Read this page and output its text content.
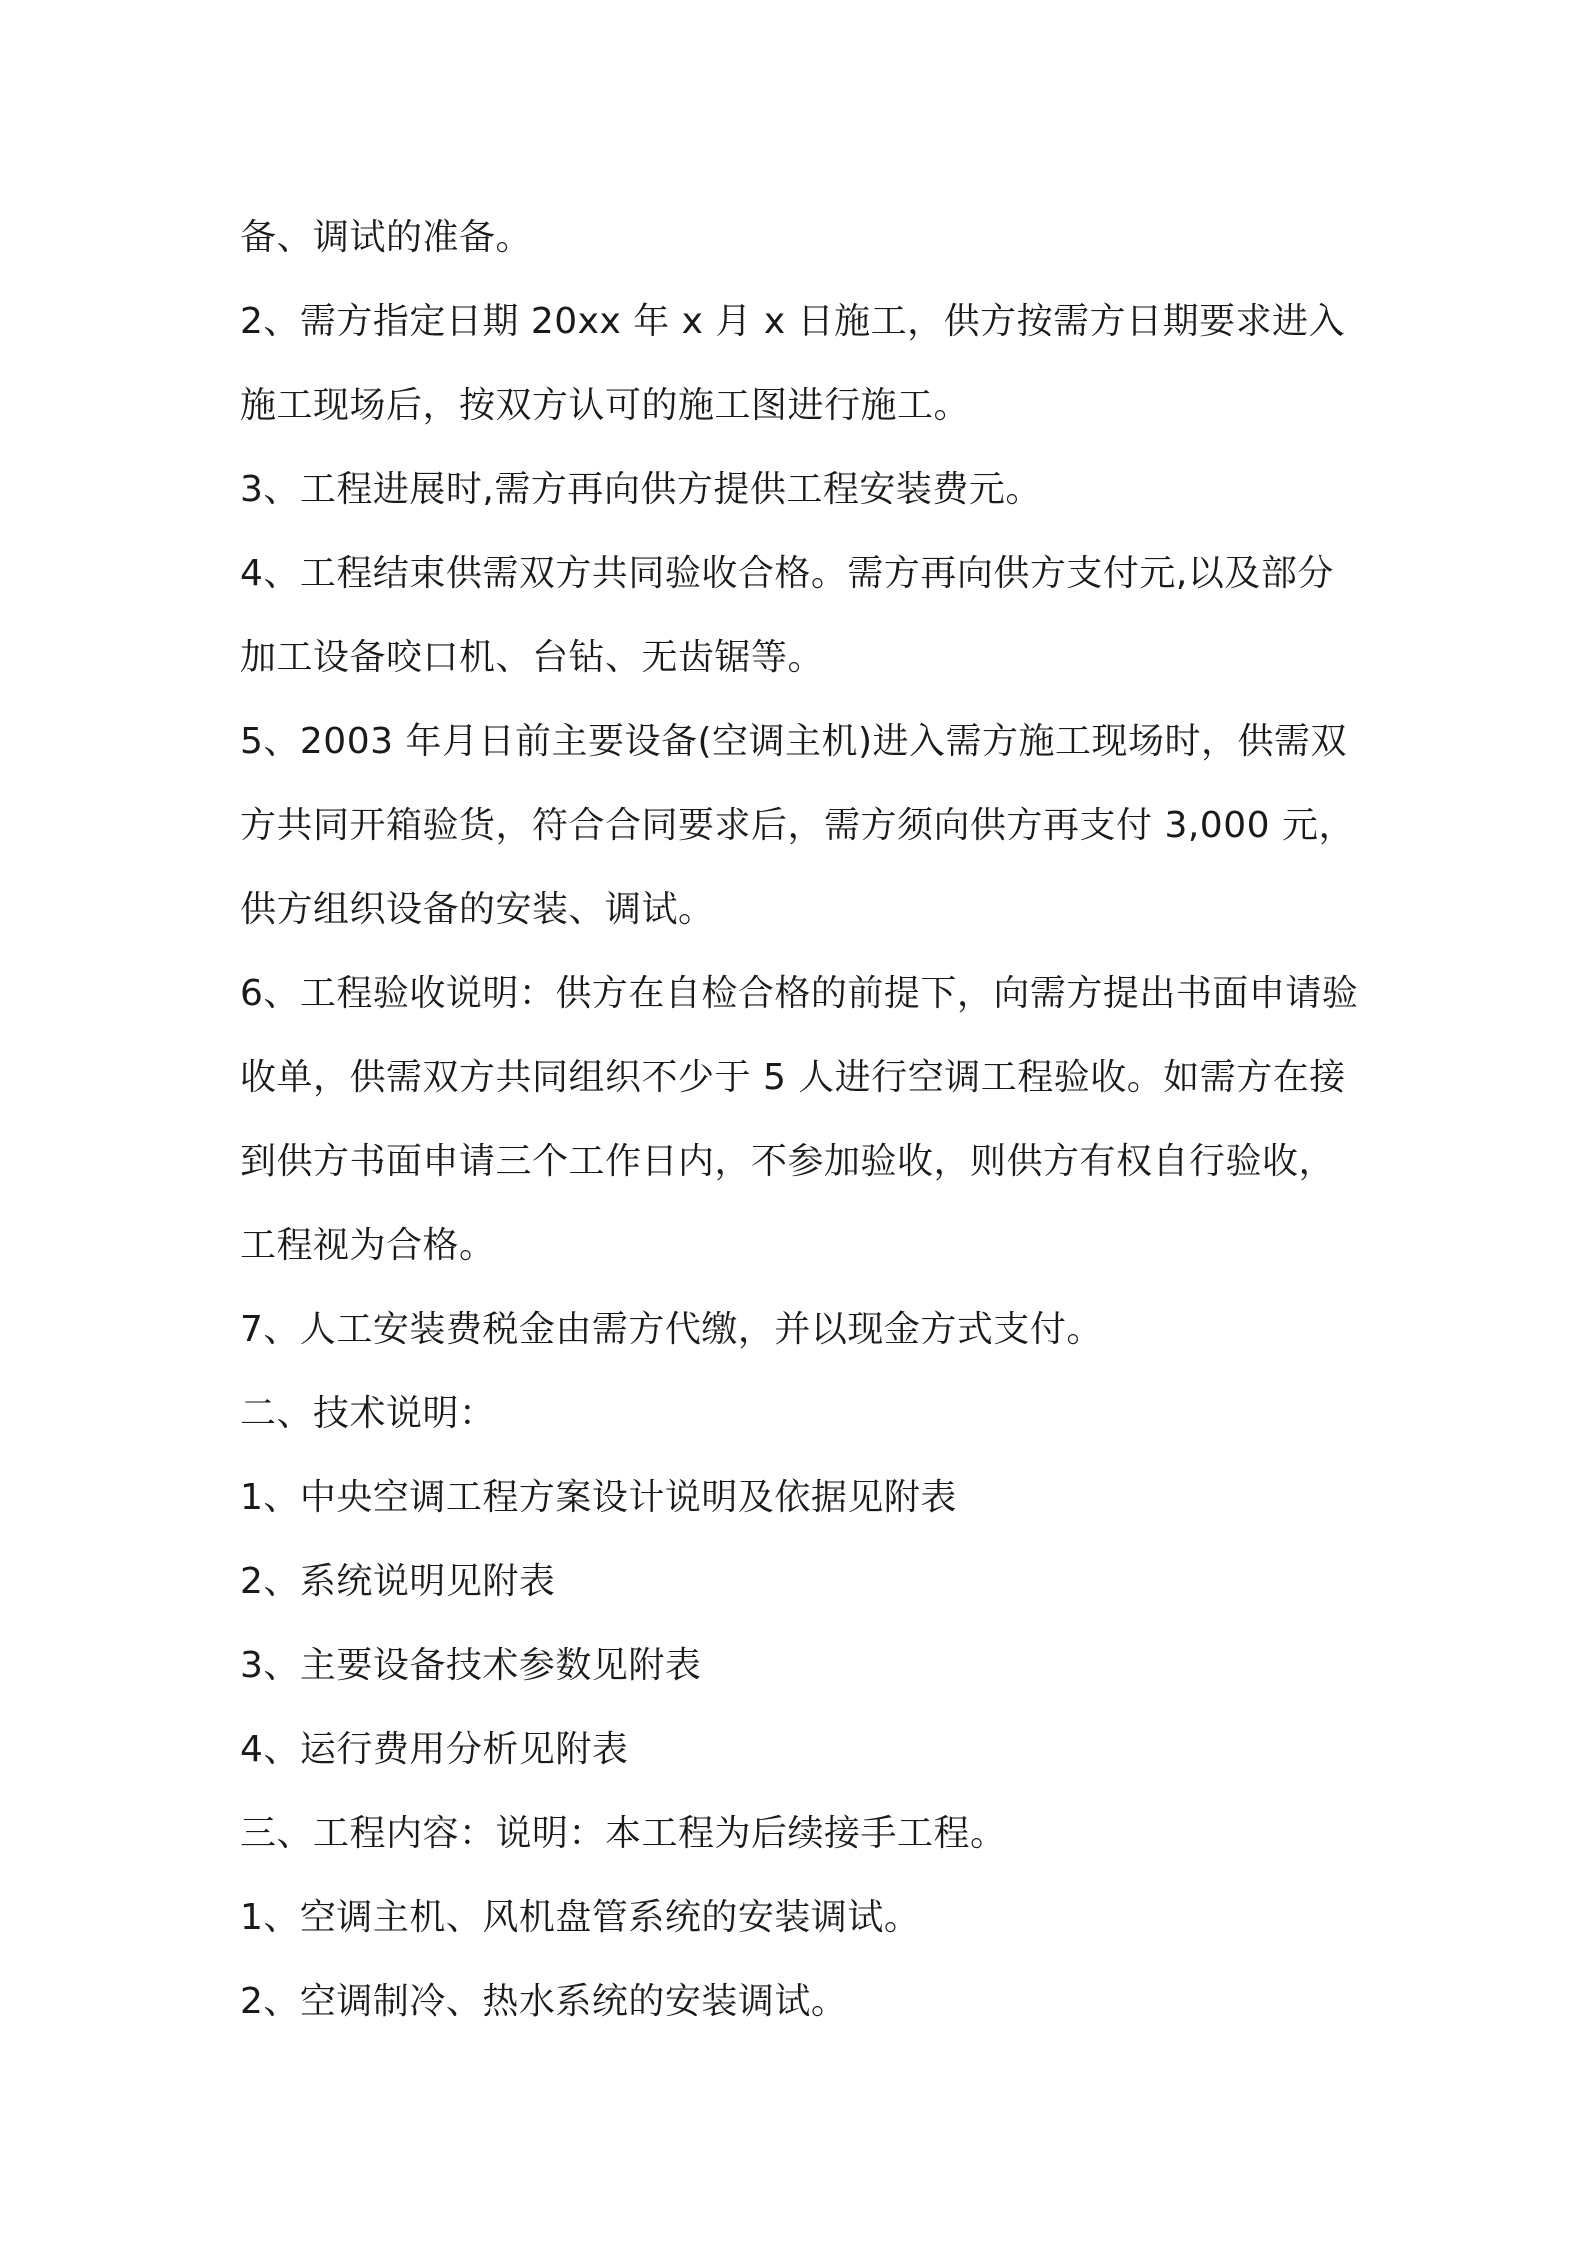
备、调试的准备。

2、需方指定日期 20xx 年 x 月 x 日施工，供方按需方日期要求进入施工现场后，按双方认可的施工图进行施工。

3、工程进展时,需方再向供方提供工程安装费元。

4、工程结束供需双方共同验收合格。需方再向供方支付元,以及部分加工设备咬口机、台钻、无齿锯等。

5、2003 年月日前主要设备(空调主机)进入需方施工现场时，供需双方共同开箱验货，符合合同要求后，需方须向供方再支付 3,000 元，供方组织设备的安装、调试。

6、工程验收说明：供方在自检合格的前提下，向需方提出书面申请验收单，供需双方共同组织不少于 5 人进行空调工程验收。如需方在接到供方书面申请三个工作日内，不参加验收，则供方有权自行验收，工程视为合格。

7、人工安装费税金由需方代缴，并以现金方式支付。

二、技术说明：

1、中央空调工程方案设计说明及依据见附表

2、系统说明见附表

3、主要设备技术参数见附表

4、运行费用分析见附表

三、工程内容：说明：本工程为后续接手工程。

1、空调主机、风机盘管系统的安装调试。

2、空调制冷、热水系统的安装调试。
